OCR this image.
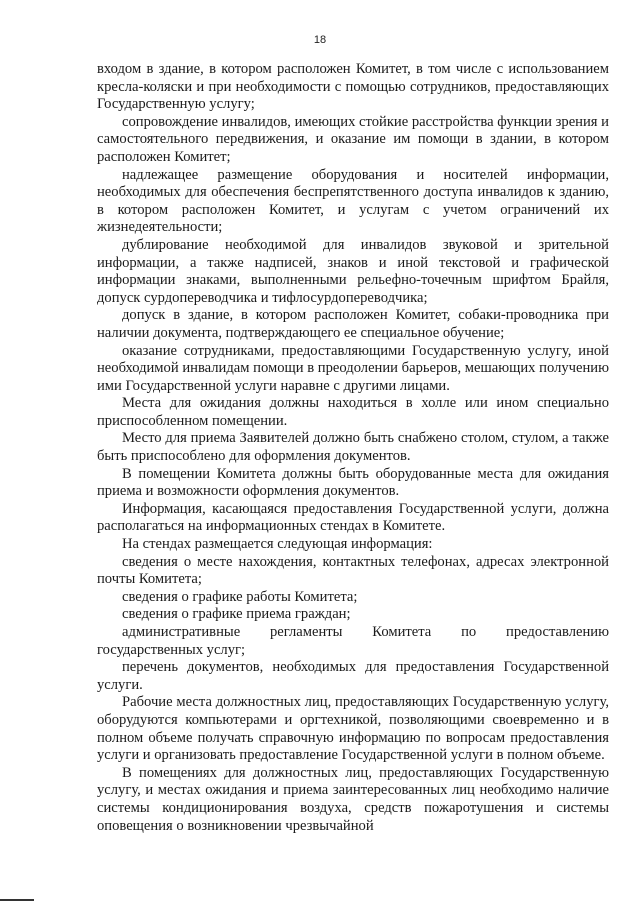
18

входом в здание, в котором расположен Комитет, в том числе с использованием кресла-коляски и при необходимости с помощью сотрудников, предоставляющих Государственную услугу;

сопровождение инвалидов, имеющих стойкие расстройства функции зрения и самостоятельного передвижения, и оказание им помощи в здании, в котором расположен Комитет;

надлежащее размещение оборудования и носителей информации, необходимых для обеспечения беспрепятственного доступа инвалидов к зданию, в котором расположен Комитет, и услугам с учетом ограничений их жизнедеятельности;

дублирование необходимой для инвалидов звуковой и зрительной информации, а также надписей, знаков и иной текстовой и графической информации знаками, выполненными рельефно-точечным шрифтом Брайля, допуск сурдопереводчика и тифлосурдопереводчика;

допуск в здание, в котором расположен Комитет, собаки-проводника при наличии документа, подтверждающего ее специальное обучение;

оказание сотрудниками, предоставляющими Государственную услугу, иной необходимой инвалидам помощи в преодолении барьеров, мешающих получению ими Государственной услуги наравне с другими лицами.

Места для ожидания должны находиться в холле или ином специально приспособленном помещении.

Место для приема Заявителей должно быть снабжено столом, стулом, а также быть приспособлено для оформления документов.

В помещении Комитета должны быть оборудованные места для ожидания приема и возможности оформления документов.

Информация, касающаяся предоставления Государственной услуги, должна располагаться на информационных стендах в Комитете.

На стендах размещается следующая информация:

сведения о месте нахождения, контактных телефонах, адресах электронной почты Комитета;

сведения о графике работы Комитета;

сведения о графике приема граждан;

административные регламенты Комитета по предоставлению государственных услуг;

перечень документов, необходимых для предоставления Государственной услуги.

Рабочие места должностных лиц, предоставляющих Государственную услугу, оборудуются компьютерами и оргтехникой, позволяющими своевременно и в полном объеме получать справочную информацию по вопросам предоставления услуги и организовать предоставление Государственной услуги в полном объеме.

В помещениях для должностных лиц, предоставляющих Государственную услугу, и местах ожидания и приема заинтересованных лиц необходимо наличие системы кондиционирования воздуха, средств пожаротушения и системы оповещения о возникновении чрезвычайной
